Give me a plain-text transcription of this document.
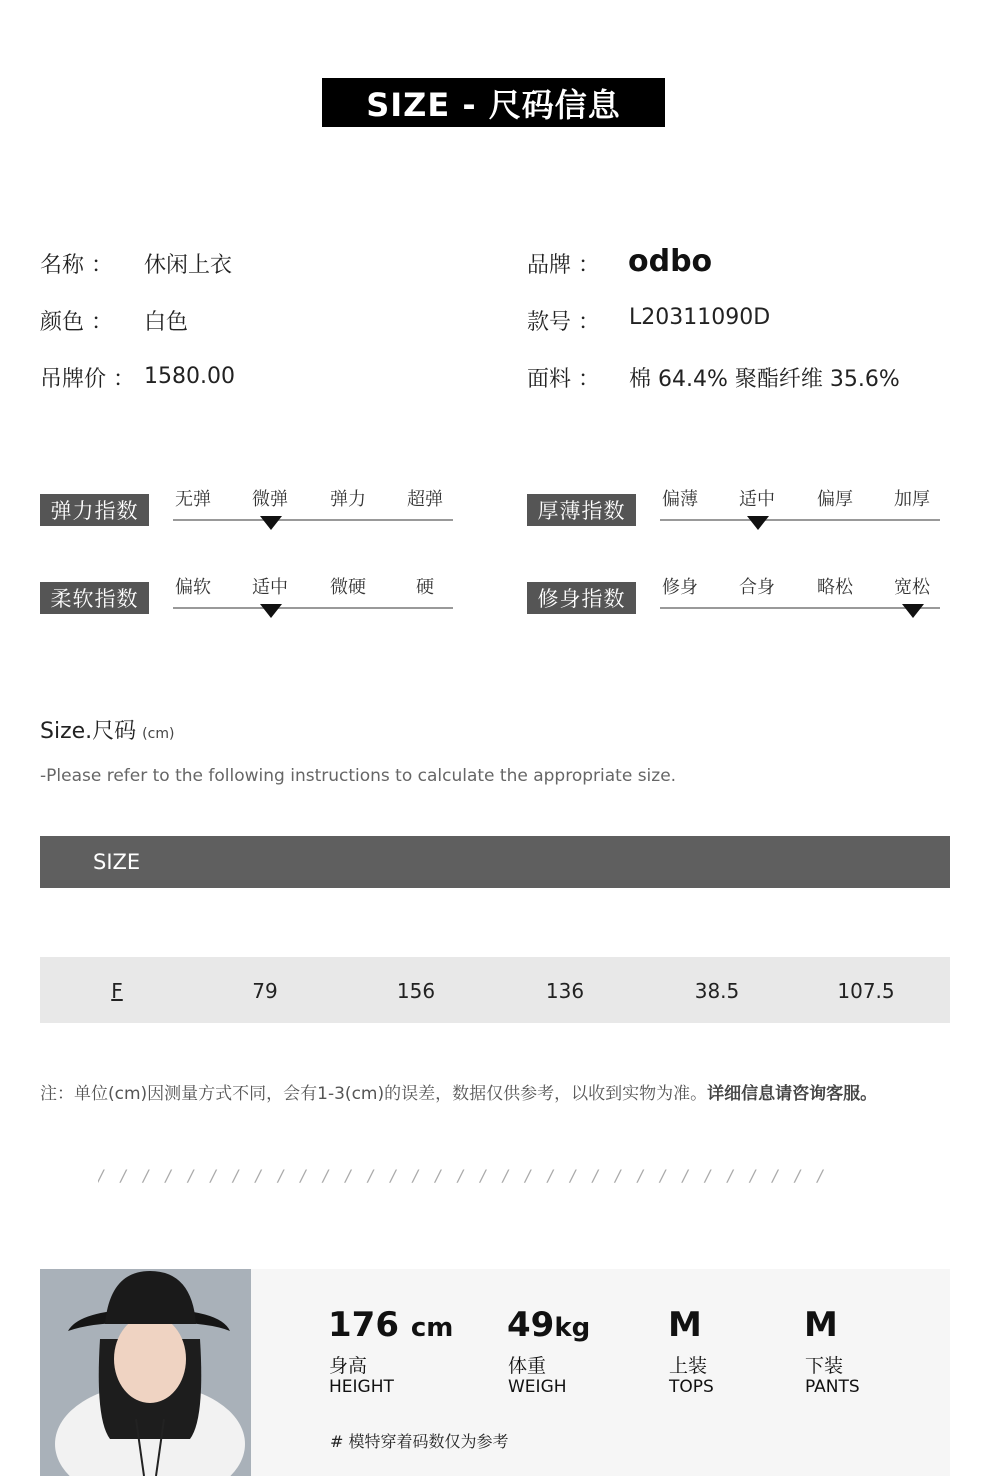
SIZE - 尺码信息
名称 ： 休闲上衣
颜色 ： 白色
吊牌价 ： 1580.00
品牌 ： odbo
款号 ： L20311090D
面料 ： 棉 64.4% 聚酯纤维 35.6%
弹力指数	无弹 微弹 弹力 超弹	厚薄指数	偏薄 适中 偏厚 加厚
柔软指数	偏软 适中 微硬	硬	修身指数	修身 合身 略松 宽松
Size.尺码 (cm)
-Please refer to the following instructions to calculate the appropriate size.
SIZE
F	79	156	136	38.5	107.5
注：单位(cm)因测量方式不同，会有1-3(cm)的误差，数据仅供参考，以收到实物为准。详细信息请咨询客服。
/ / / / / / / / / / / / / / / / / / / / / / / / / / / / / / / / /
176 cm
身高
HEIGHT
49kg
体重
WEIGH
M
上装
TOPS
M
下装
PANTS
# 模特穿着码数仅为参考
